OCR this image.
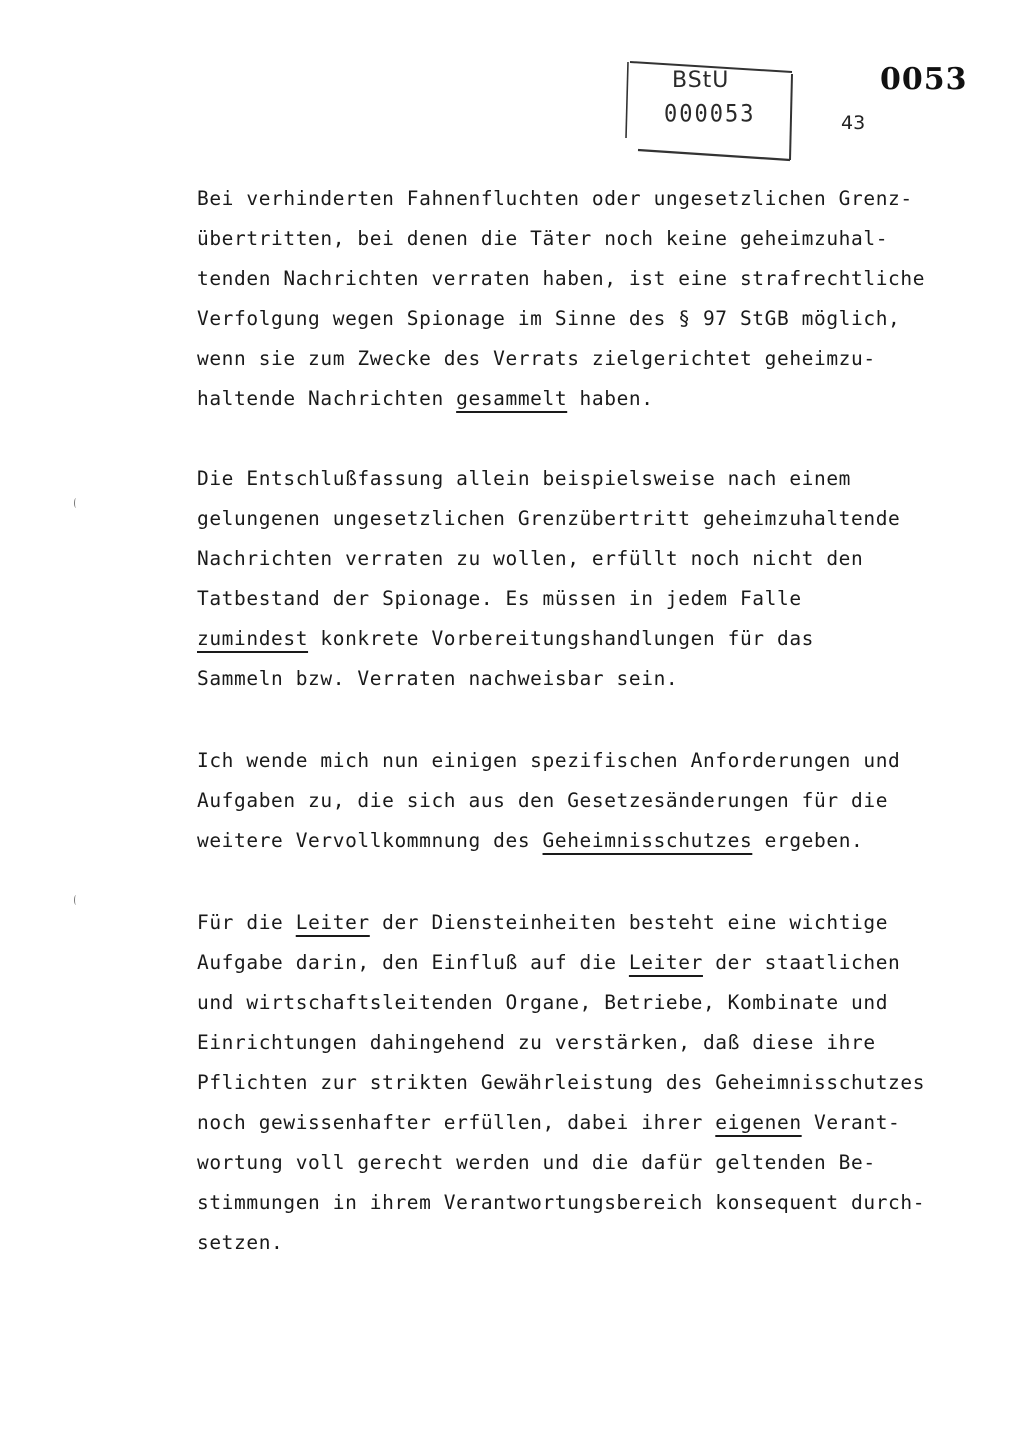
BStU
000053
0053
43
Bei verhinderten Fahnenfluchten oder ungesetzlichen Grenz-
übertritten, bei denen die Täter noch keine geheimzuhal-
tenden Nachrichten verraten haben, ist eine strafrechtliche
Verfolgung wegen Spionage im Sinne des § 97 StGB möglich,
wenn sie zum Zwecke des Verrats zielgerichtet geheimzu-
haltende Nachrichten gesammelt haben.
Die Entschlußfassung allein beispielsweise nach einem
gelungenen ungesetzlichen Grenzübertritt geheimzuhaltende
Nachrichten verraten zu wollen, erfüllt noch nicht den
Tatbestand der Spionage. Es müssen in jedem Falle
zumindest konkrete Vorbereitungshandlungen für das
Sammeln bzw. Verraten nachweisbar sein.
Ich wende mich nun einigen spezifischen Anforderungen und
Aufgaben zu, die sich aus den Gesetzesänderungen für die
weitere Vervollkommnung des Geheimnisschutzes ergeben.
Für die Leiter der Diensteinheiten besteht eine wichtige
Aufgabe darin, den Einfluß auf die Leiter der staatlichen
und wirtschaftsleitenden Organe, Betriebe, Kombinate und
Einrichtungen dahingehend zu verstärken, daß diese ihre
Pflichten zur strikten Gewährleistung des Geheimnisschutzes
noch gewissenhafter erfüllen, dabei ihrer eigenen Verant-
wortung voll gerecht werden und die dafür geltenden Be-
stimmungen in ihrem Verantwortungsbereich konsequent durch-
setzen.
